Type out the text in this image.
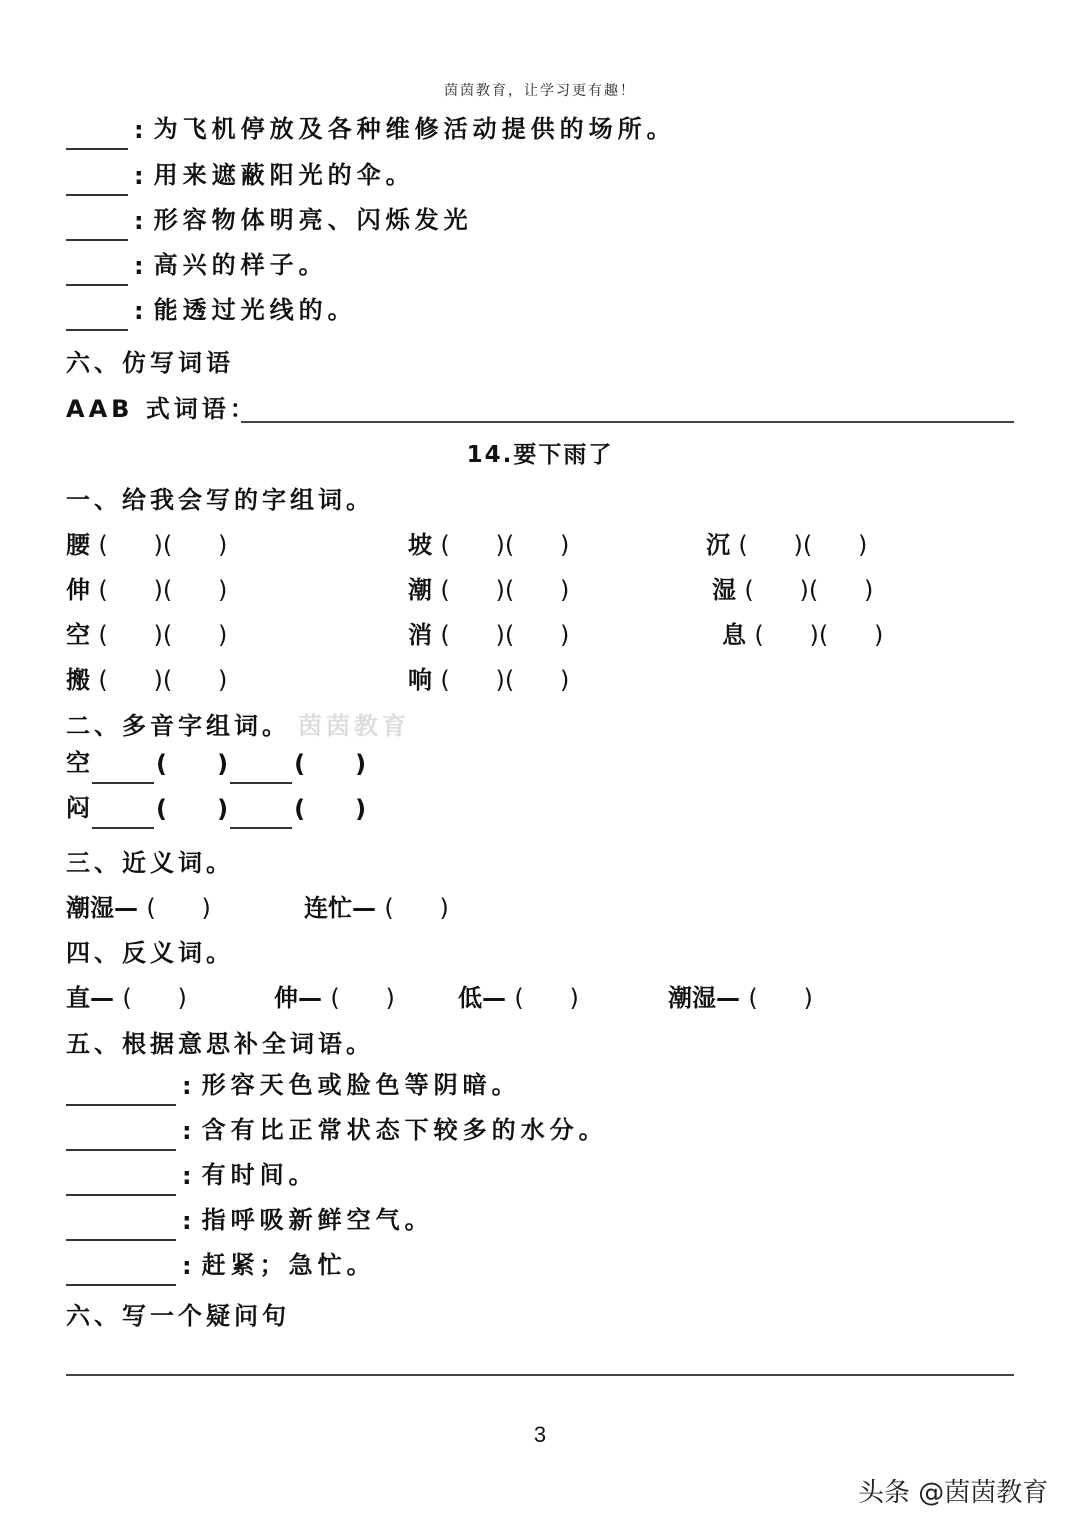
茵茵教育，让学习更有趣！
: 为飞机停放及各种维修活动提供的场所。
: 用来遮蔽阳光的伞。
: 形容物体明亮、闪烁发光
: 高兴的样子。
: 能透过光线的。
六、仿写词语
AAB 式词语：
14.要下雨了
一、给我会写的字组词。
腰 (      )(      )	坡 (      )(      )	沉 (      )(      )
伸 (      )(      )	潮 (      )(      )	湿 (      )(      )
空 (      )(      )	消 (      )(      )	息 (      )(      )
搬 (      )(      )	响 (      )(      )
二、多音字组词。 茵茵教育
空	(      )	(      )
闷	(      )	(      )
三、近义词。
潮湿— (      )	连忙— (      )
四、反义词。
直— (      )	伸— (      )	低— (      )	潮湿— (      )
五、根据意思补全词语。
: 形容天色或脸色等阴暗。
: 含有比正常状态下较多的水分。
: 有时间。
: 指呼吸新鲜空气。
: 赶紧；急忙。
六、写一个疑问句
3
头条 @茵茵教育
